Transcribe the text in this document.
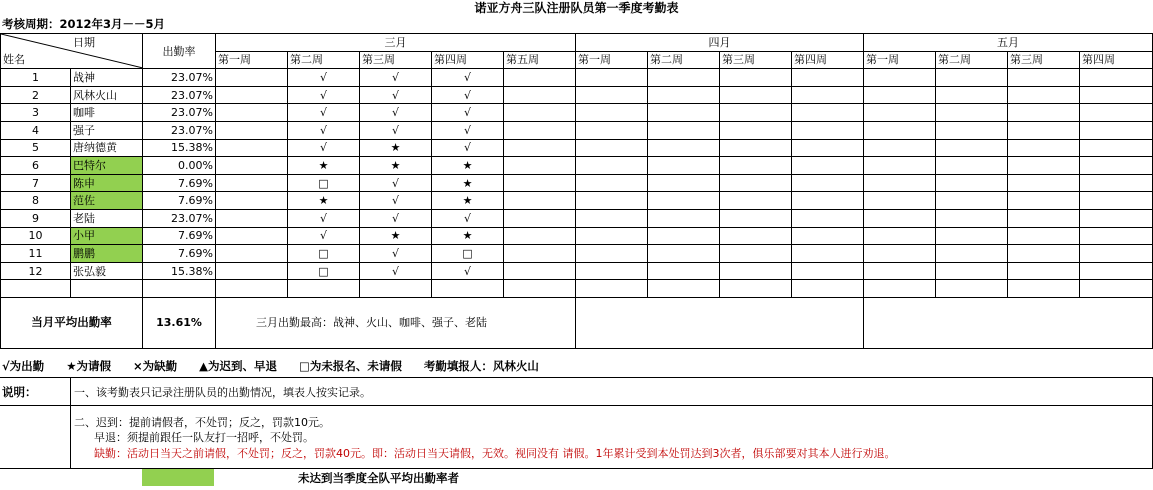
诺亚方舟三队注册队员第一季度考勤表
考核周期：2012年3月－－5月
日期
姓名		出勤率	三月					四月				五月			
			第一周	第二周	第三周	第四周	第五周	第一周	第二周	第三周	第四周	第一周	第二周	第三周	第四周
1	战神	23.07%		√	√	√									
2	风林火山	23.07%		√	√	√									
3	咖啡	23.07%		√	√	√									
4	强子	23.07%		√	√	√									
5	唐纳德黄	15.38%		√	★	√									
6	巴特尔	0.00%		★	★	★									
7	陈申	7.69%		□	√	★									
8	范佐	7.69%		★	√	★									
9	老陆	23.07%		√	√	√									
10	小甲	7.69%		√	★	★									
11	鹏鹏	7.69%		□	√	□									
12	张弘毅	15.38%		□	√	√									

当月平均出勤率		13.61%	三月出勤最高：战神、火山、咖啡、强子、老陆												
√为出勤 ★为请假 ×为缺勤 ▲为迟到、早退 □为未报名、未请假 考勤填报人：风林火山
说明：	一、该考勤表只记录注册队员的出勤情况，填表人按实记录。
二、迟到：提前请假者，不处罚；反之，罚款10元。
早退：须提前跟任一队友打一招呼，不处罚。
缺勤：活动日当天之前请假，不处罚；反之，罚款40元。即：活动日当天请假，无效。视同没有 请假。1年累计受到本处罚达到3次者，俱乐部要对其本人进行劝退。
未达到当季度全队平均出勤率者
